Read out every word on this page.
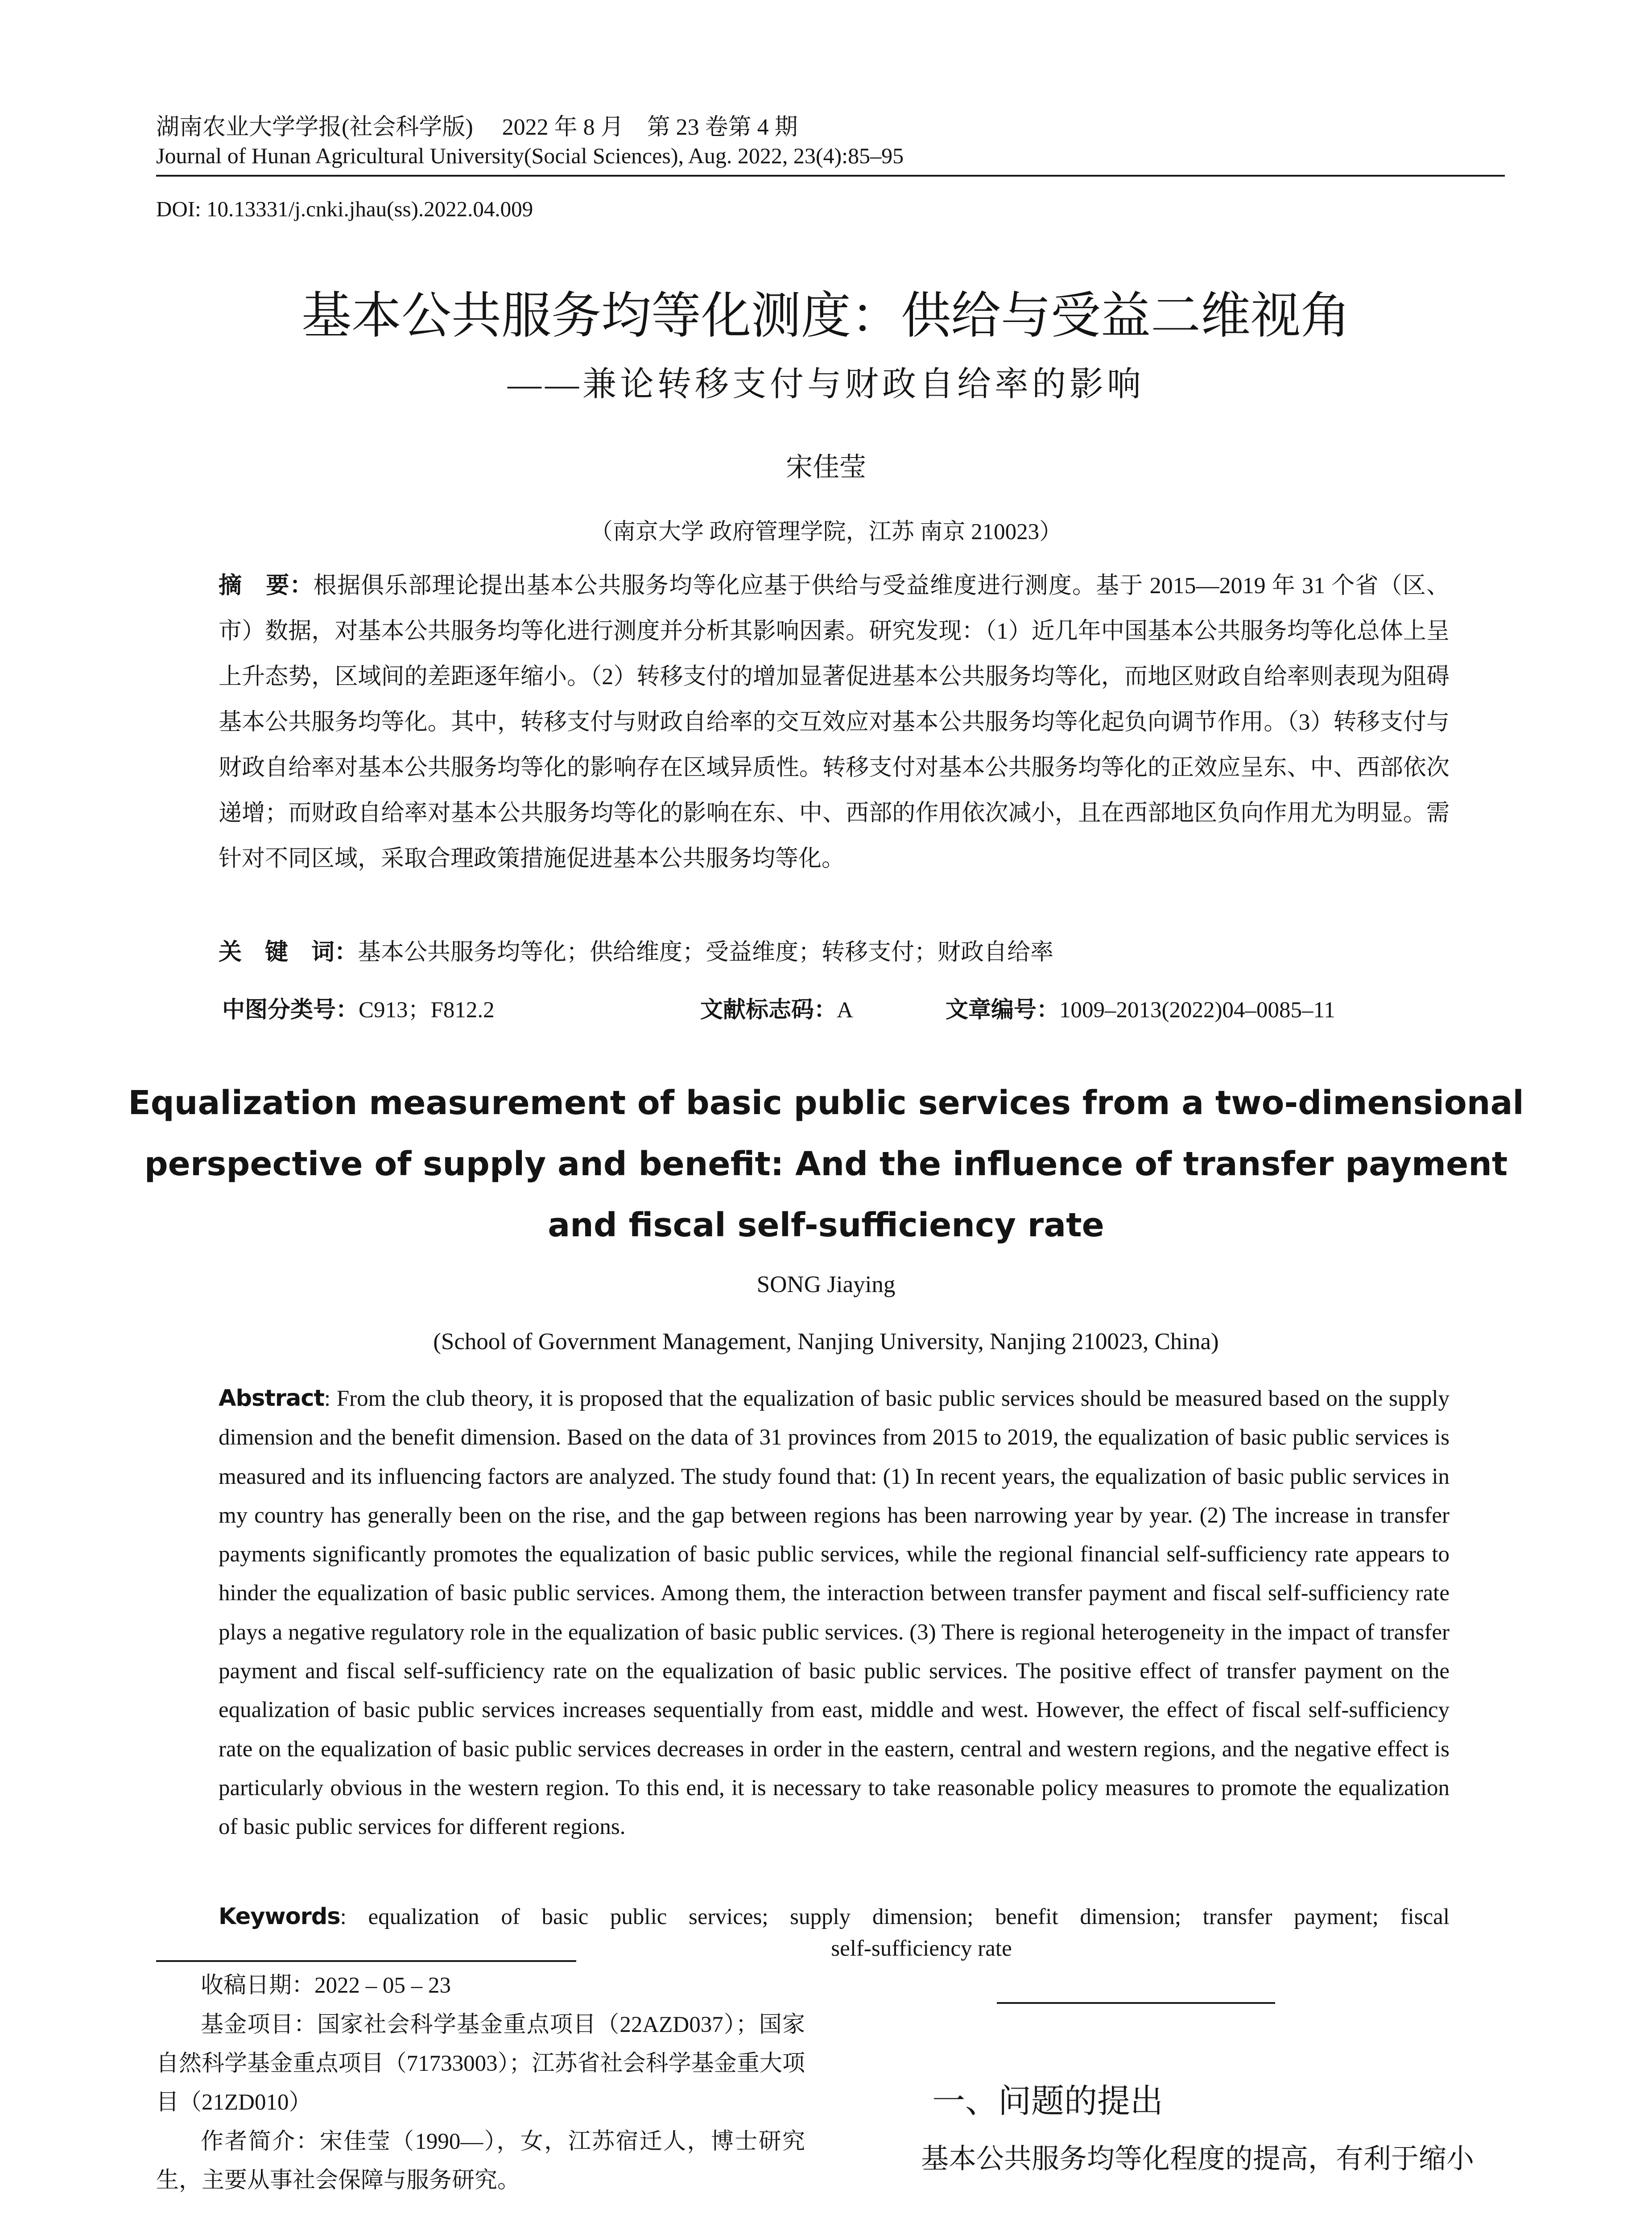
湖南农业大学学报(社会科学版)　 2022 年 8 月　第 23 卷第 4 期
Journal of Hunan Agricultural University(Social Sciences), Aug. 2022, 23(4):85–95
DOI: 10.13331/j.cnki.jhau(ss).2022.04.009
基本公共服务均等化测度：供给与受益二维视角
——兼论转移支付与财政自给率的影响
宋佳莹
（南京大学 政府管理学院，江苏 南京 210023）
摘　要：根据俱乐部理论提出基本公共服务均等化应基于供给与受益维度进行测度。基于 2015—2019 年 31 个省（区、市）数据，对基本公共服务均等化进行测度并分析其影响因素。研究发现：（1）近几年中国基本公共服务均等化总体上呈上升态势，区域间的差距逐年缩小。（2）转移支付的增加显著促进基本公共服务均等化，而地区财政自给率则表现为阻碍基本公共服务均等化。其中，转移支付与财政自给率的交互效应对基本公共服务均等化起负向调节作用。（3）转移支付与财政自给率对基本公共服务均等化的影响存在区域异质性。转移支付对基本公共服务均等化的正效应呈东、中、西部依次递增；而财政自给率对基本公共服务均等化的影响在东、中、西部的作用依次减小，且在西部地区负向作用尤为明显。需针对不同区域，采取合理政策措施促进基本公共服务均等化。
关　键　词：基本公共服务均等化；供给维度；受益维度；转移支付；财政自给率
中图分类号：C913；F812.2	文献标志码：A	文章编号：1009–2013(2022)04–0085–11
Equalization measurement of basic public services from a two-dimensional
perspective of supply and benefit: And the influence of transfer payment
and fiscal self-sufficiency rate
SONG Jiaying
(School of Government Management, Nanjing University, Nanjing 210023, China)
Abstract: From the club theory, it is proposed that the equalization of basic public services should be measured based on the supply dimension and the benefit dimension. Based on the data of 31 provinces from 2015 to 2019, the equalization of basic public services is measured and its influencing factors are analyzed. The study found that: (1) In recent years, the equalization of basic public services in my country has generally been on the rise, and the gap between regions has been narrowing year by year. (2) The increase in transfer payments significantly promotes the equalization of basic public services, while the regional financial self-sufficiency rate appears to hinder the equalization of basic public services. Among them, the interaction between transfer payment and fiscal self-sufficiency rate plays a negative regulatory role in the equalization of basic public services. (3) There is regional heterogeneity in the impact of transfer payment and fiscal self-sufficiency rate on the equalization of basic public services. The positive effect of transfer payment on the equalization of basic public services increases sequentially from east, middle and west. However, the effect of fiscal self-sufficiency rate on the equalization of basic public services decreases in order in the eastern, central and western regions, and the negative effect is particularly obvious in the western region. To this end, it is necessary to take reasonable policy measures to promote the equalization of basic public services for different regions.
Keywords: equalization of basic public services; supply dimension; benefit dimension; transfer payment; fiscal
self-sufficiency rate
收稿日期：2022 – 05 – 23
基金项目：国家社会科学基金重点项目（22AZD037）；国家自然科学基金重点项目（71733003）；江苏省社会科学基金重大项目（21ZD010）
作者简介：宋佳莹（1990—），女，江苏宿迁人，博士研究生，主要从事社会保障与服务研究。
一、问题的提出
基本公共服务均等化程度的提高，有利于缩小
